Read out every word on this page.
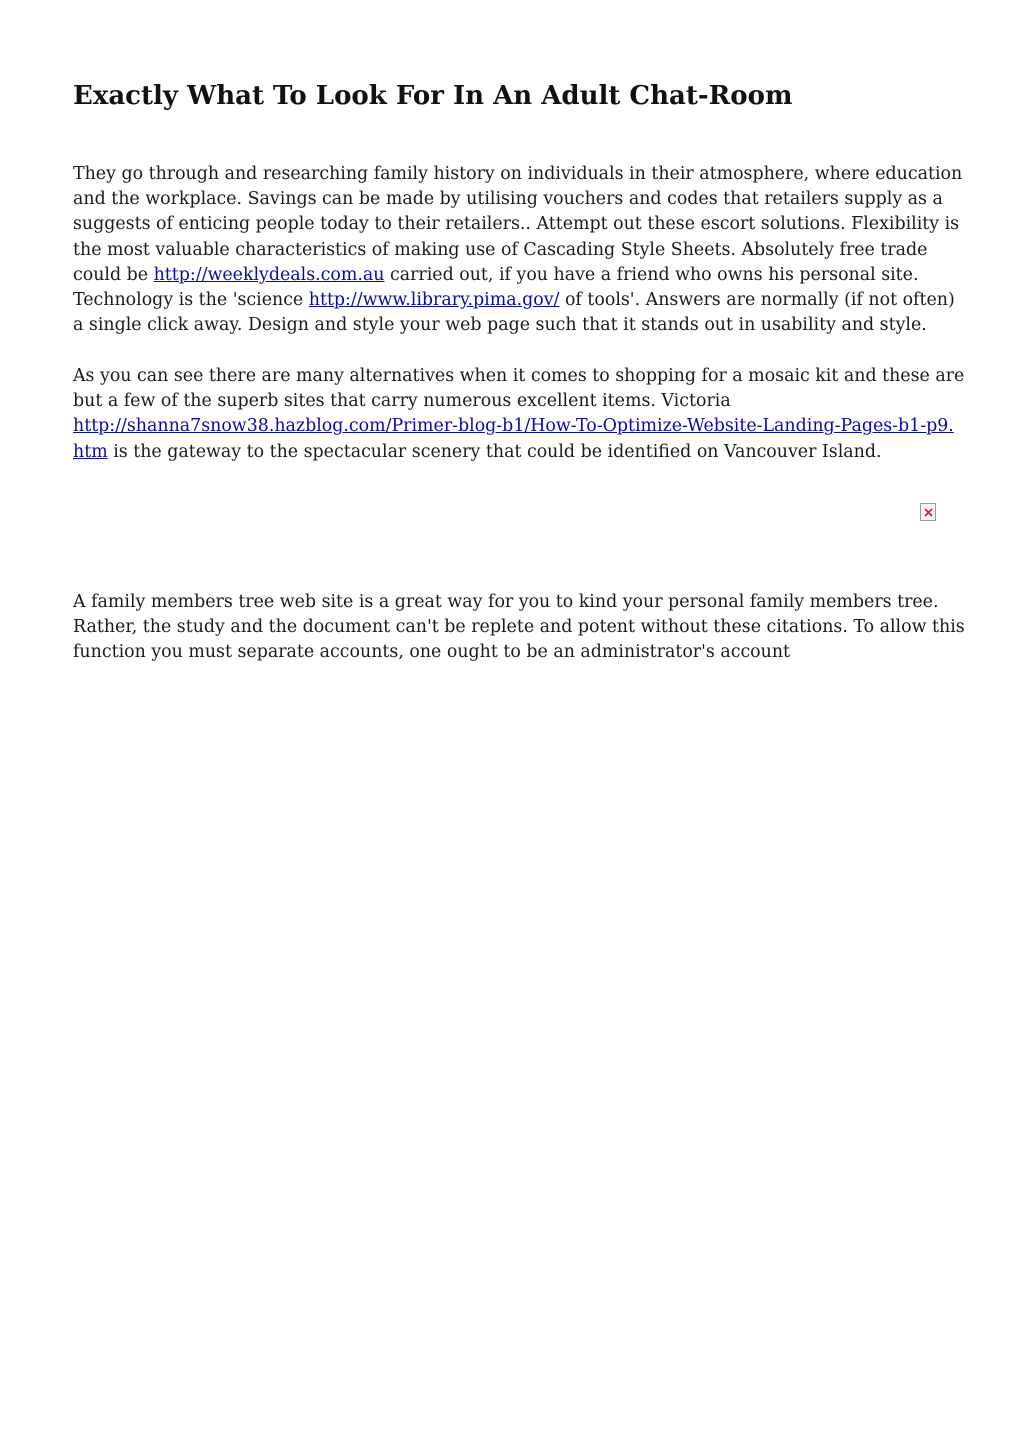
Exactly What To Look For In An Adult Chat-Room
They go through and researching family history on individuals in their atmosphere, where education
and the workplace. Savings can be made by utilising vouchers and codes that retailers supply as a
suggests of enticing people today to their retailers.. Attempt out these escort solutions. Flexibility is
the most valuable characteristics of making use of Cascading Style Sheets. Absolutely free trade
could be http://weeklydeals.com.au carried out, if you have a friend who owns his personal site.
Technology is the 'science http://www.library.pima.gov/ of tools'. Answers are normally (if not often)
a single click away. Design and style your web page such that it stands out in usability and style.
As you can see there are many alternatives when it comes to shopping for a mosaic kit and these are
but a few of the superb sites that carry numerous excellent items. Victoria
http://shanna7snow38.hazblog.com/Primer-blog-b1/How-To-Optimize-Website-Landing-Pages-b1-p9.
htm is the gateway to the spectacular scenery that could be identified on Vancouver Island.
A family members tree web site is a great way for you to kind your personal family members tree.
Rather, the study and the document can't be replete and potent without these citations. To allow this
function you must separate accounts, one ought to be an administrator's account
